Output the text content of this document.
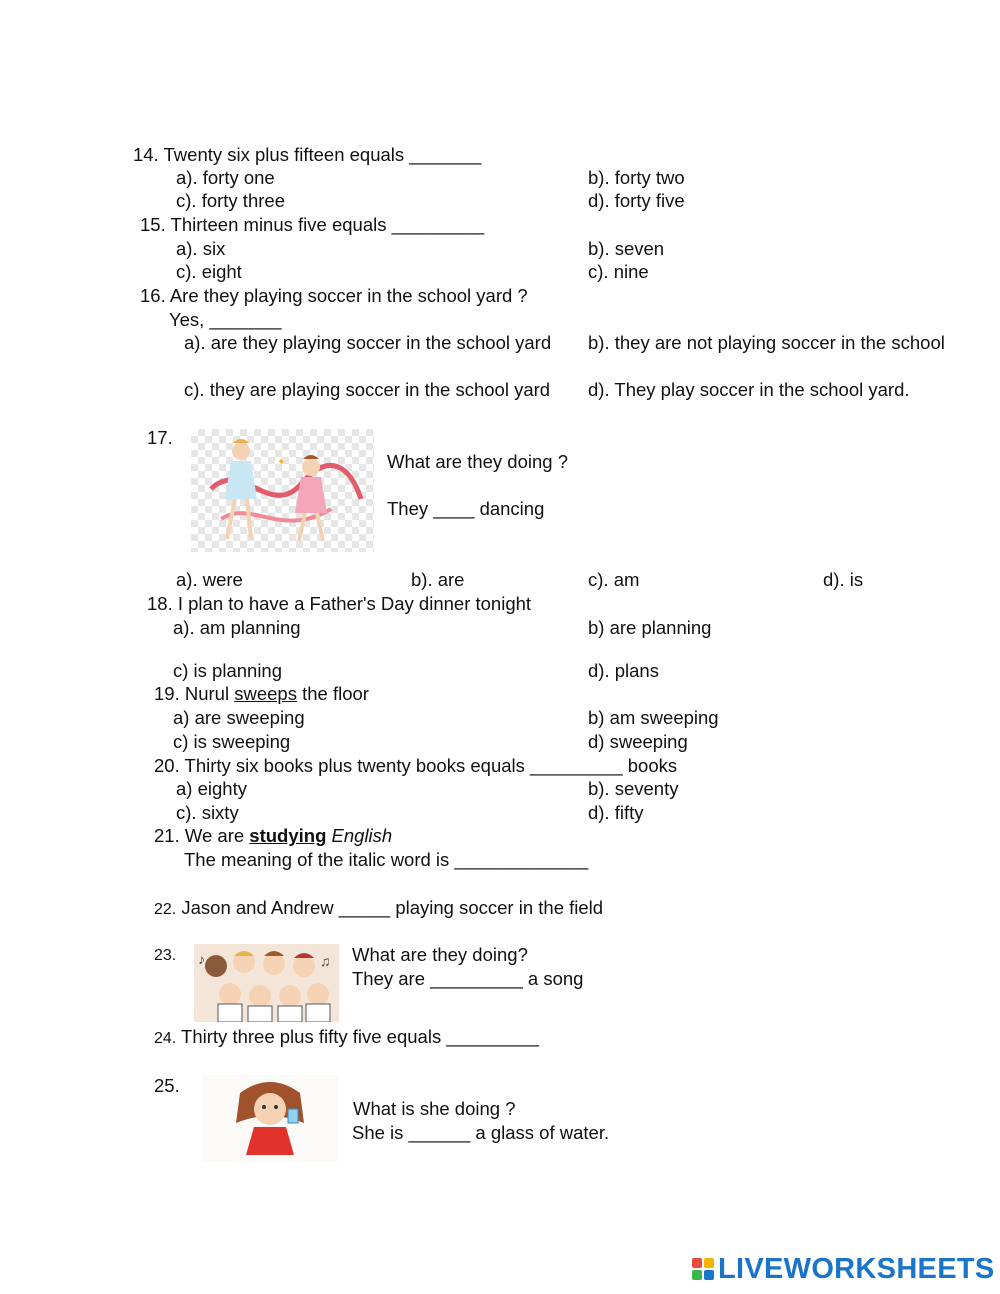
14. Twenty six plus fifteen equals _______
a). forty one	b). forty two
c). forty three	d). forty five
15. Thirteen minus five equals _________
a). six	b). seven
c). eight	c). nine
16. Are they playing soccer in the school yard ?
Yes, _______
a). are they playing soccer in the school yard b). they are not playing soccer in the school
c). they are playing soccer in the school yard d). They play soccer in the school yard.
17.
✦	What are they doing ?
They ____ dancing
a). were	b). are	c). am	d). is
18. I plan to have a Father's Day dinner tonight
a). am planning	b) are planning
c) is planning	d). plans
19. Nurul sweeps the floor
a) are sweeping	b) am sweeping
c) is sweeping	d) sweeping
20. Thirty six books plus twenty books equals _________ books
a) eighty	b). seventy
c). sixty	d). fifty
21. We are studying English
The meaning of the italic word is _____________
22. Jason and Andrew _____ playing soccer in the field
23. ♪	♫ What are they doing?
They are _________ a song
24. Thirty three plus fifty five equals _________
25.
What is she doing ?
She is ______ a glass of water.
LIVEWORKSHEETS
